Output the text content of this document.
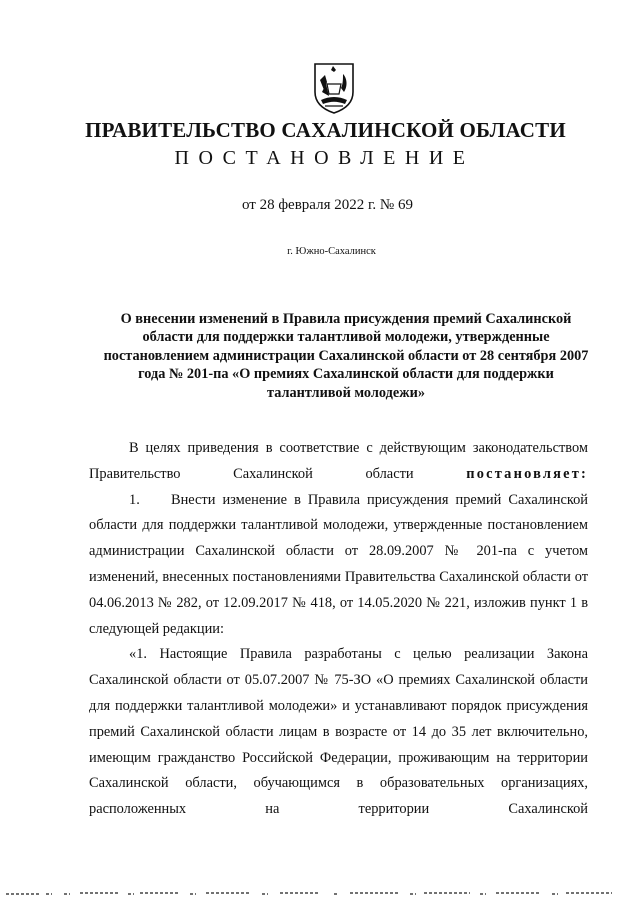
ПРАВИТЕЛЬСТВО САХАЛИНСКОЙ ОБЛАСТИ
ПОСТАНОВЛЕНИЕ
от 28 февраля 2022 г. № 69
г. Южно-Сахалинск
О внесении изменений в Правила присуждения премий Сахалинской области для поддержки талантливой молодежи, утвержденные постановлением администрации Сахалинской области от 28 сентября 2007 года № 201-па «О премиях Сахалинской области для поддержки талантливой молодежи»

В целях приведения в соответствие с действующим законодательством Правительство Сахалинской области постановляет:

1. Внести изменение в Правила присуждения премий Сахалинской области для поддержки талантливой молодежи, утвержденные постановлением администрации Сахалинской области от 28.09.2007 № 201-па с учетом изменений, внесенных постановлениями Правительства Сахалинской области от 04.06.2013 № 282, от 12.09.2017 № 418, от 14.05.2020 № 221, изложив пункт 1 в следующей редакции:

«1. Настоящие Правила разработаны с целью реализации Закона Сахалинской области от 05.07.2007 № 75-ЗО «О премиях Сахалинской области для поддержки талантливой молодежи» и устанавливают порядок присуждения премий Сахалинской области лицам в возрасте от 14 до 35 лет включительно, имеющим гражданство Российской Федерации, проживающим на территории Сахалинской области, обучающимся в образовательных организациях, расположенных на территории Сахалинской
